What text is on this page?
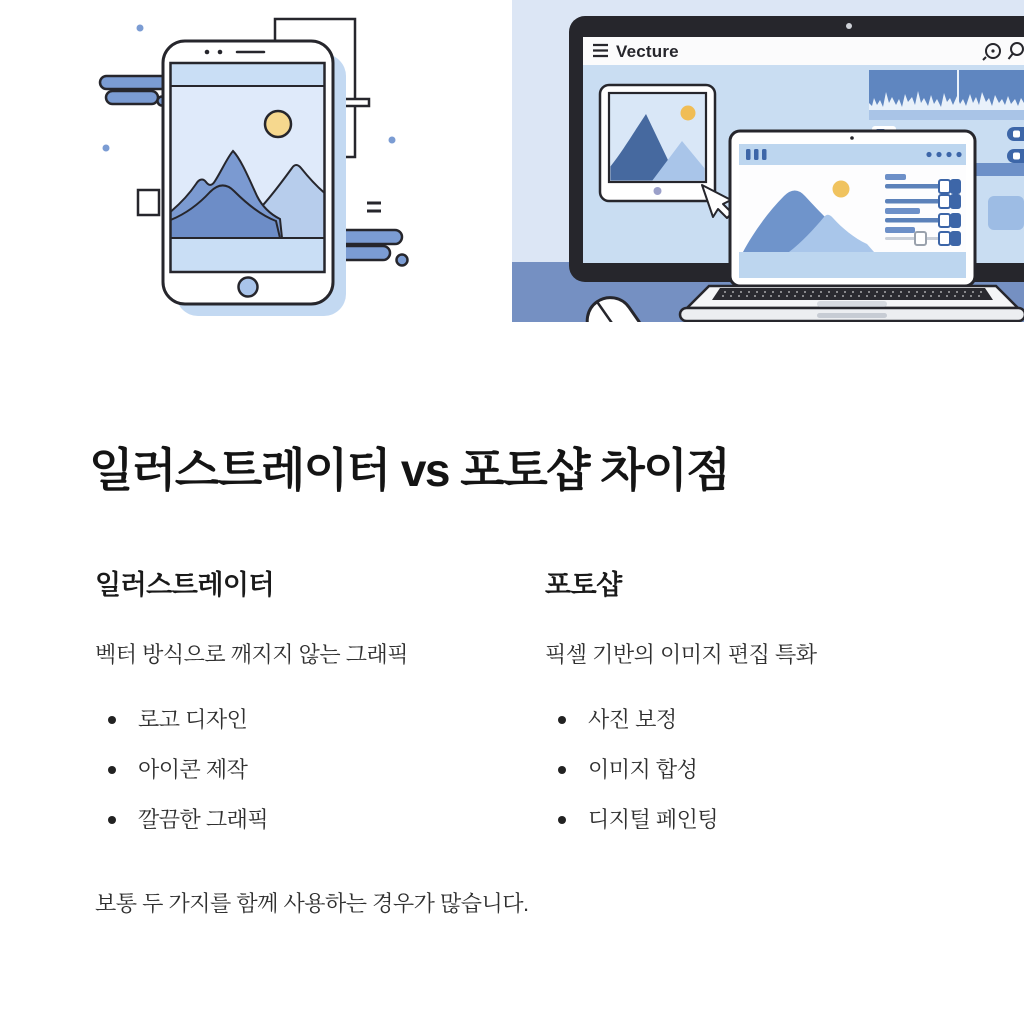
Vecture
일러스트레이터 vs 포토샵 차이점
일러스트레이터

벡터 방식으로 깨지지 않는 그래픽

로고 디자인
아이콘 제작
깔끔한 그래픽
포토샵

픽셀 기반의 이미지 편집 특화

사진 보정
이미지 합성
디지털 페인팅

보통 두 가지를 함께 사용하는 경우가 많습니다.
